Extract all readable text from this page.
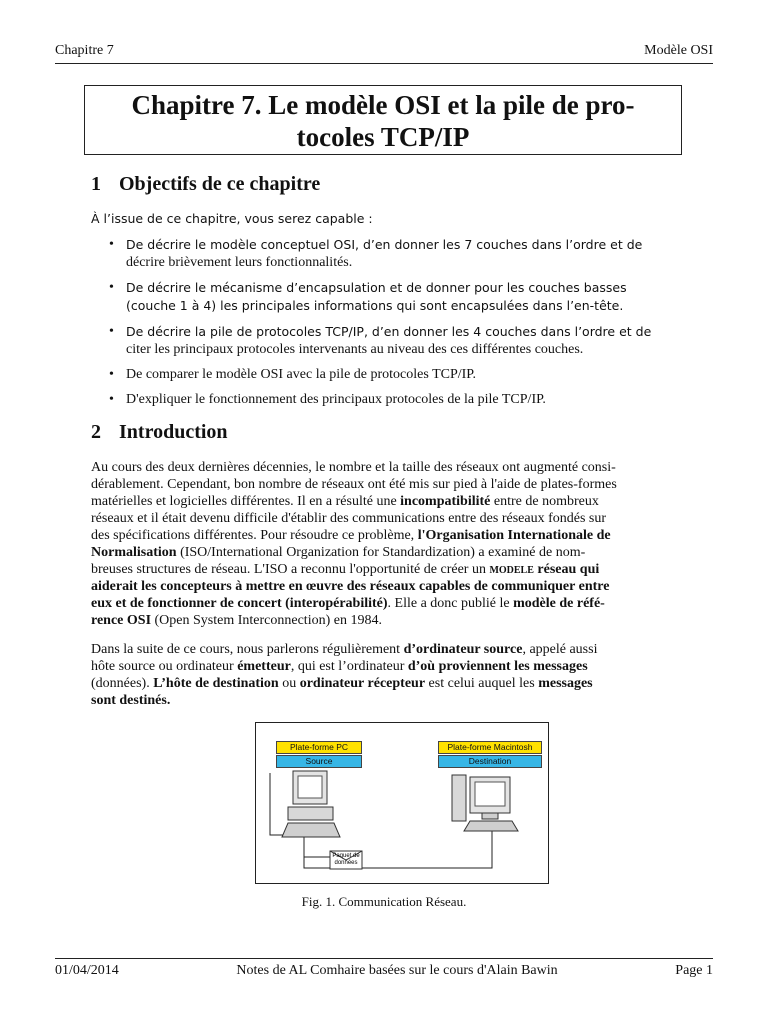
Chapitre 7	Modèle OSI
Chapitre 7. Le modèle OSI et la pile de pro-
tocoles TCP/IP
1 Objectifs de ce chapitre
À l’issue de ce chapitre, vous serez capable :
• De décrire le modèle conceptuel OSI, d’en donner les 7 couches dans l’ordre et de
décrire brièvement leurs fonctionnalités.
• De décrire le mécanisme d’encapsulation et de donner pour les couches basses
(couche 1 à 4) les principales informations qui sont encapsulées dans l’en-tête.
• De décrire la pile de protocoles TCP/IP, d’en donner les 4 couches dans l’ordre et de
citer les principaux protocoles intervenants au niveau des ces différentes couches.
• De comparer le modèle OSI avec la pile de protocoles TCP/IP.
• D'expliquer le fonctionnement des principaux protocoles de la pile TCP/IP.
2 Introduction
Au cours des deux dernières décennies, le nombre et la taille des réseaux ont augmenté consi-
dérablement. Cependant, bon nombre de réseaux ont été mis sur pied à l'aide de plates-formes
matérielles et logicielles différentes. Il en a résulté une incompatibilité entre de nombreux
réseaux et il était devenu difficile d'établir des communications entre des réseaux fondés sur
des spécifications différentes. Pour résoudre ce problème, l'Organisation Internationale de
Normalisation (ISO/International Organization for Standardization) a examiné de nom-
breuses structures de réseau. L'ISO a reconnu l'opportunité de créer un modele réseau qui
aiderait les concepteurs à mettre en œuvre des réseaux capables de communiquer entre
eux et de fonctionner de concert (interopérabilité). Elle a donc publié le modèle de réfé-
rence OSI (Open System Interconnection) en 1984.
Dans la suite de ce cours, nous parlerons régulièrement d’ordinateur source, appelé aussi
hôte source ou ordinateur émetteur, qui est l’ordinateur d’où proviennent les messages
(données). L’hôte de destination ou ordinateur récepteur est celui auquel les messages
sont destinés.
Plate-forme PC
Source
Plate-forme Macintosh
Destination
Paquet de
données
Fig. 1. Communication Réseau.
01/04/2014	Notes de AL Comhaire basées sur le cours d'Alain Bawin	Page 1
